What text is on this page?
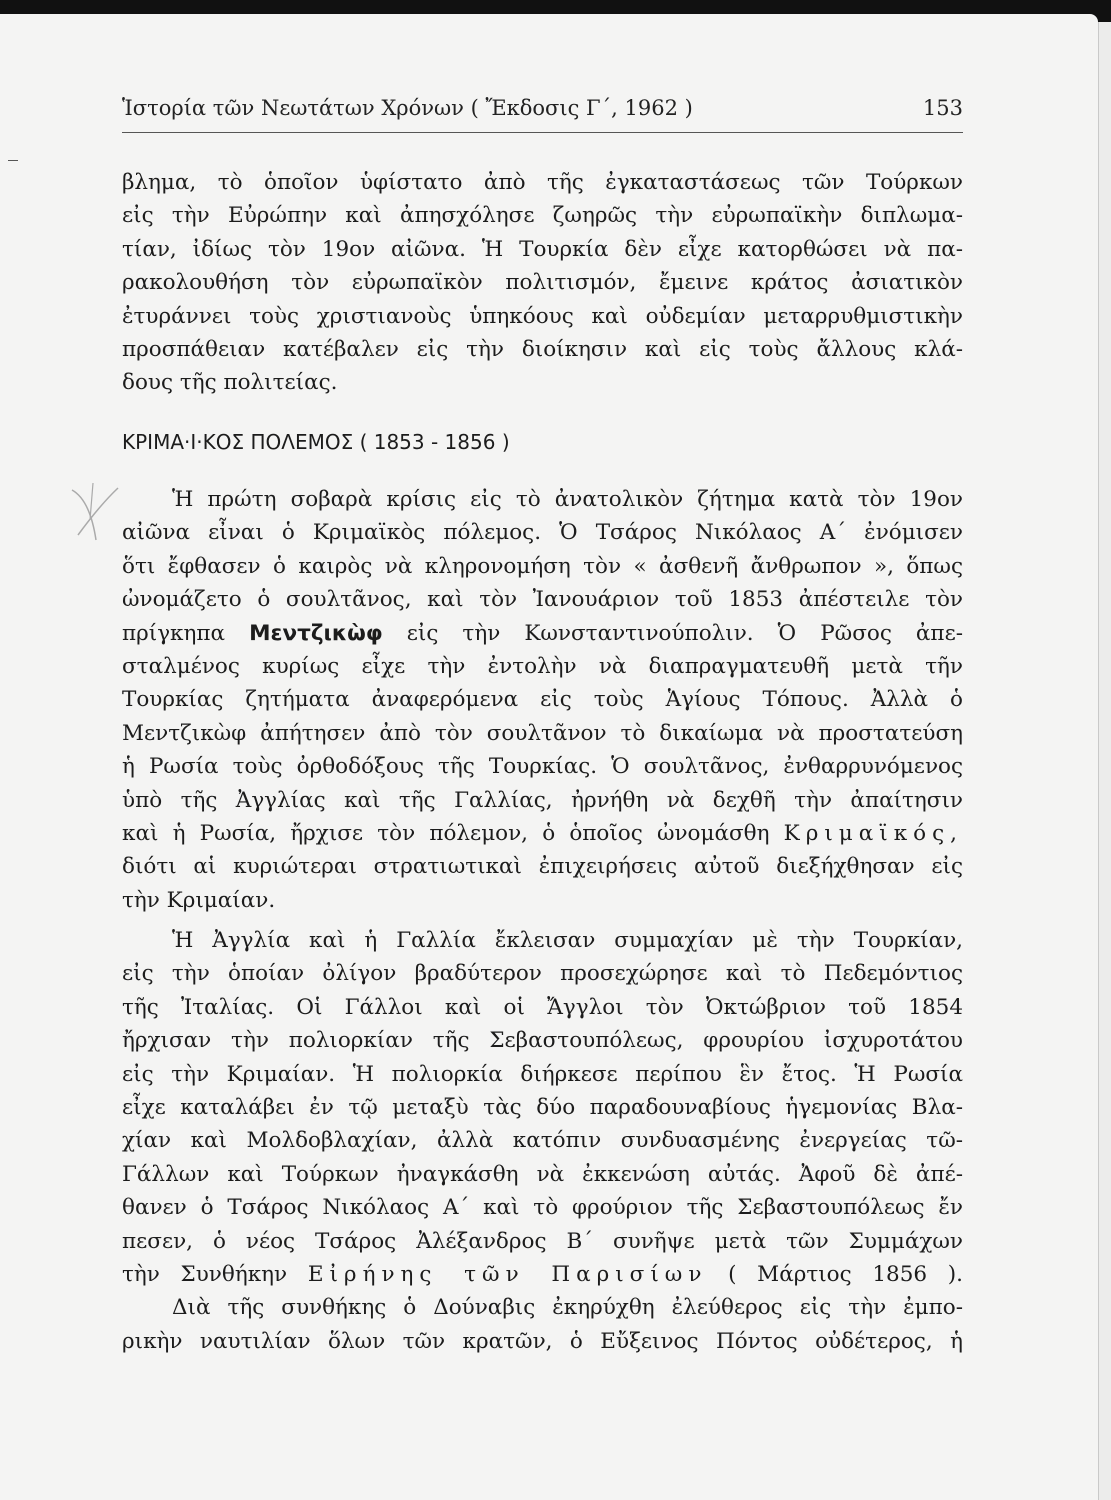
Ἱστορία τῶν Νεωτάτων Χρόνων ( Ἔκδοσις Γ΄, 1962 )	153
βλημα, τὸ ὁποῖον ὑφίστατο ἀπὸ τῆς ἐγκαταστάσεως τῶν Τούρκων
εἰς τὴν Εὐρώπην καὶ ἀπησχόλησε ζωηρῶς τὴν εὐρωπαϊκὴν διπλωμα-
τίαν, ἰδίως τὸν 19ον αἰῶνα. Ἡ Τουρκία δὲν εἶχε κατορθώσει νὰ πα-
ρακολουθήση τὸν εὐρωπαϊκὸν πολιτισμόν, ἔμεινε κράτος ἀσιατικὸν
ἐτυράννει τοὺς χριστιανοὺς ὑπηκόους καὶ οὐδεμίαν μεταρρυθμιστικὴν
προσπάθειαν κατέβαλεν εἰς τὴν διοίκησιν καὶ εἰς τοὺς ἄλλους κλά-
δους τῆς πολιτείας.
ΚΡΙΜΑ·Ι·ΚΟΣ ΠΟΛΕΜΟΣ ( 1853 - 1856 )
Ἡ πρώτη σοβαρὰ κρίσις εἰς τὸ ἀνατολικὸν ζήτημα κατὰ τὸν 19ον
αἰῶνα εἶναι ὁ Κριμαϊκὸς πόλεμος. Ὁ Τσάρος Νικόλαος Α΄ ἐνόμισεν
ὅτι ἔφθασεν ὁ καιρὸς νὰ κληρονομήση τὸν « ἀσθενῆ ἄνθρωπον », ὅπως
ὠνομάζετο ὁ σουλτᾶνος, καὶ τὸν Ἰανουάριον τοῦ 1853 ἀπέστειλε τὸν
πρίγκηπα Μεντζικὼφ εἰς τὴν Κωνσταντινούπολιν. Ὁ Ρῶσος ἀπε-
σταλμένος κυρίως εἶχε τὴν ἐντολὴν νὰ διαπραγματευθῆ μετὰ τῆν
Τουρκίας ζητήματα ἀναφερόμενα εἰς τοὺς Ἁγίους Τόπους. Ἀλλὰ ὁ
Μεντζικὼφ ἀπήτησεν ἀπὸ τὸν σουλτᾶνον τὸ δικαίωμα νὰ προστατεύση
ἡ Ρωσία τοὺς ὀρθοδόξους τῆς Τουρκίας. Ὁ σουλτᾶνος, ἐνθαρρυνόμενος
ὑπὸ τῆς Ἀγγλίας καὶ τῆς Γαλλίας, ἠρνήθη νὰ δεχθῆ τὴν ἀπαίτησιν
καὶ ἡ Ρωσία, ἤρχισε τὸν πόλεμον, ὁ ὁποῖος ὠνομάσθη Κριμαϊκός,
διότι αἱ κυριώτεραι στρατιωτικαὶ ἐπιχειρήσεις αὐτοῦ διεξήχθησαν εἰς
τὴν Κριμαίαν.
Ἡ Ἀγγλία καὶ ἡ Γαλλία ἔκλεισαν συμμαχίαν μὲ τὴν Τουρκίαν,
εἰς τὴν ὁποίαν ὀλίγον βραδύτερον προσεχώρησε καὶ τὸ Πεδεμόντιος
τῆς Ἰταλίας. Οἱ Γάλλοι καὶ οἱ Ἄγγλοι τὸν Ὀκτώβριον τοῦ 1854
ἤρχισαν τὴν πολιορκίαν τῆς Σεβαστουπόλεως, φρουρίου ἰσχυροτάτου
εἰς τὴν Κριμαίαν. Ἡ πολιορκία διήρκεσε περίπου ἓν ἔτος. Ἡ Ρωσία
εἶχε καταλάβει ἐν τῷ μεταξὺ τὰς δύο παραδουναβίους ἡγεμονίας Βλα-
χίαν καὶ Μολδοβλαχίαν, ἀλλὰ κατόπιν συνδυασμένης ἐνεργείας τῶ-
Γάλλων καὶ Τούρκων ἠναγκάσθη νὰ ἐκκενώση αὐτάς. Ἀφοῦ δὲ ἀπέ-
θανεν ὁ Τσάρος Νικόλαος Α΄ καὶ τὸ φρούριον τῆς Σεβαστουπόλεως ἔν
πεσεν, ὁ νέος Τσάρος Ἀλέξανδρος Β΄ συνῆψε μετὰ τῶν Συμμάχων
τὴν Συνθήκην Εἰρήνης τῶν Παρισίων ( Μάρτιος 1856 ).
Διὰ τῆς συνθήκης ὁ Δούναβις ἐκηρύχθη ἐλεύθερος εἰς τὴν ἐμπο-
ρικὴν ναυτιλίαν ὅλων τῶν κρατῶν, ὁ Εὔξεινος Πόντος οὐδέτερος, ἡ
